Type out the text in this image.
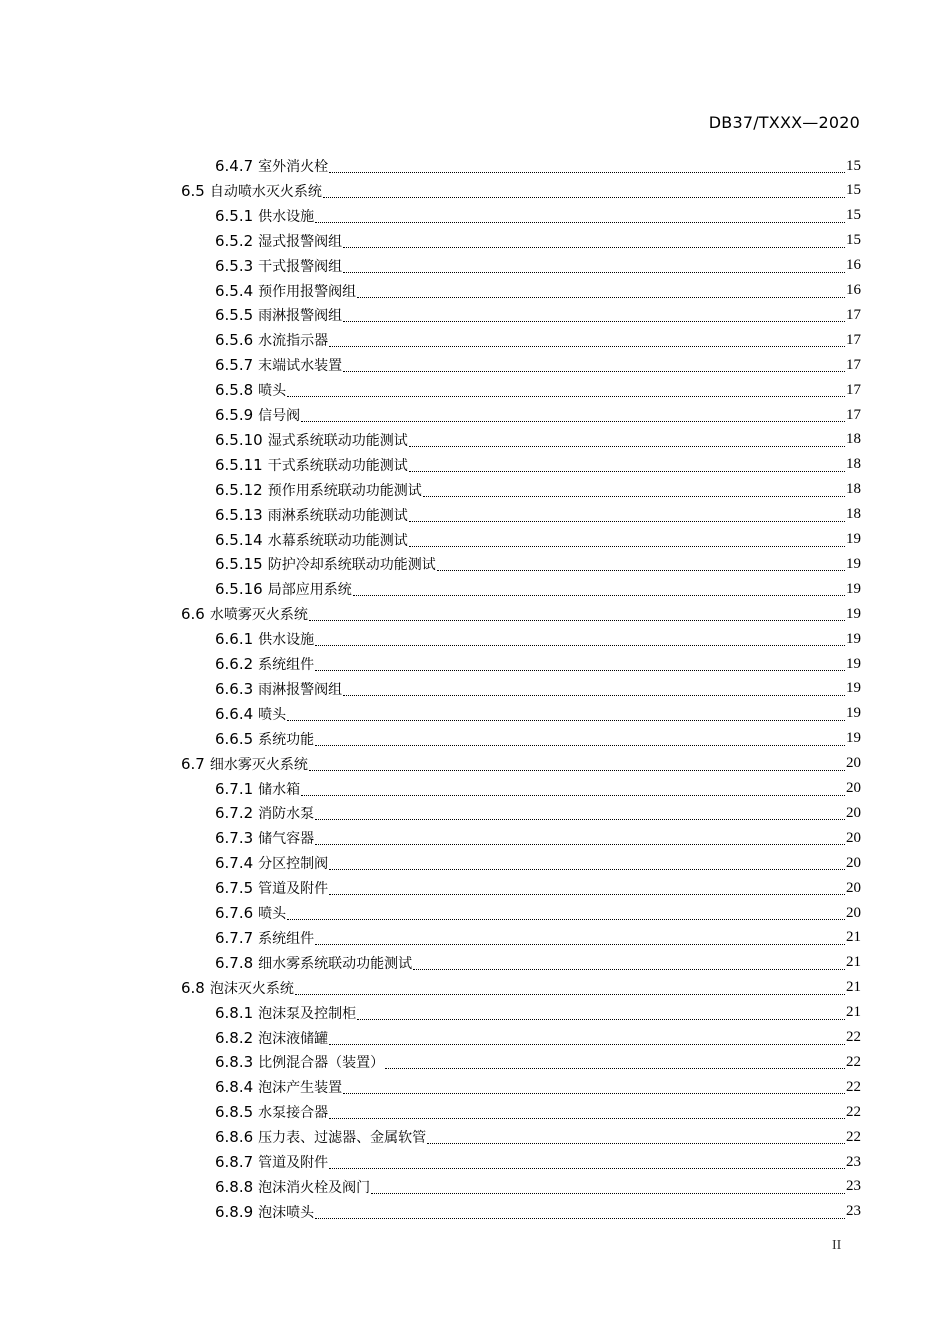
DB37/TXXX—2020
6.4.7 室外消火栓	15
6.5 自动喷水灭火系统	15
6.5.1 供水设施	15
6.5.2 湿式报警阀组	15
6.5.3 干式报警阀组	16
6.5.4 预作用报警阀组	16
6.5.5 雨淋报警阀组	17
6.5.6 水流指示器	17
6.5.7 末端试水装置	17
6.5.8 喷头	17
6.5.9 信号阀	17
6.5.10 湿式系统联动功能测试	18
6.5.11 干式系统联动功能测试	18
6.5.12 预作用系统联动功能测试	18
6.5.13 雨淋系统联动功能测试	18
6.5.14 水幕系统联动功能测试	19
6.5.15 防护冷却系统联动功能测试	19
6.5.16 局部应用系统	19
6.6 水喷雾灭火系统	19
6.6.1 供水设施	19
6.6.2 系统组件	19
6.6.3 雨淋报警阀组	19
6.6.4 喷头	19
6.6.5 系统功能	19
6.7 细水雾灭火系统	20
6.7.1 储水箱	20
6.7.2 消防水泵	20
6.7.3 储气容器	20
6.7.4 分区控制阀	20
6.7.5 管道及附件	20
6.7.6 喷头	20
6.7.7 系统组件	21
6.7.8 细水雾系统联动功能测试	21
6.8 泡沫灭火系统	21
6.8.1 泡沫泵及控制柜	21
6.8.2 泡沫液储罐	22
6.8.3 比例混合器（装置）	22
6.8.4 泡沫产生装置	22
6.8.5 水泵接合器	22
6.8.6 压力表、过滤器、金属软管	22
6.8.7 管道及附件	23
6.8.8 泡沫消火栓及阀门	23
6.8.9 泡沫喷头	23
II
